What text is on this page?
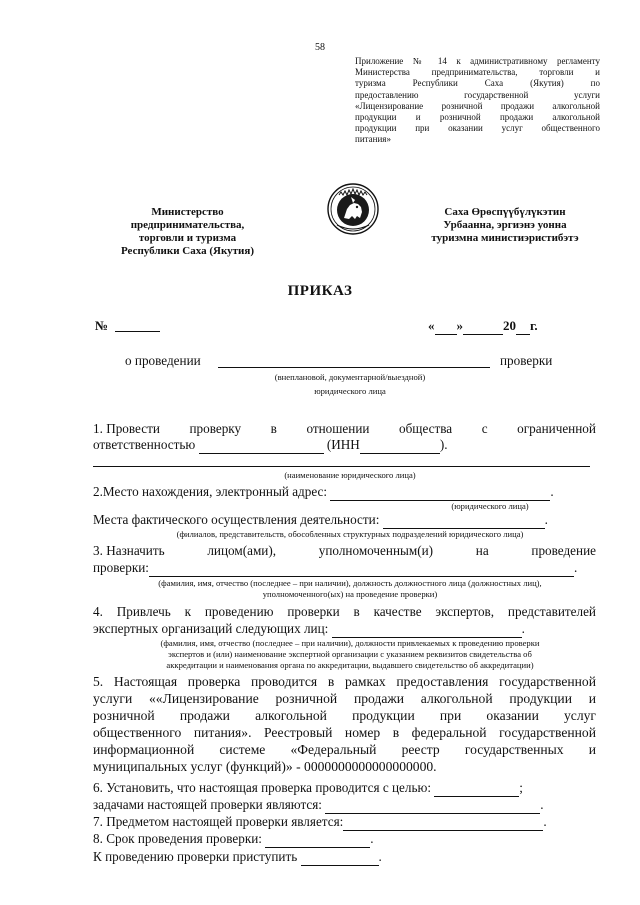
58
Приложение № 14 к административному регламенту
Министерства предпринимательства, торговли и
туризма Республики Саха (Якутия) по
предоставлению государственной услуги
«Лицензирование розничной продажи алкогольной
продукции и розничной продажи алкогольной
продукции при оказании услуг общественного
питания»
Министерство
предпринимательства,
торговли и туризма
Республики Саха (Якутия)
Саха Өрөспүүбүлүкэтин
Урбаанна, эргиэнэ уонна
туризмна министиэристибэтэ
ПРИКАЗ
№	« »	20 г.
о проведении	проверки
(внеплановой, документарной/выездной)
юридического лица
1. Провести проверку в отношении общества с ограниченной
ответственностью	(ИНН	).
(наименование юридического лица)
2.Место нахождения, электронный адрес:	.
(юридического лица)
Места фактического осуществления деятельности:	.
(филиалов, представительств, обособленных структурных подразделений юридического лица)
3. Назначить	лицом(ами),	уполномоченным(и)	на	проведение
проверки:	.
(фамилия, имя, отчество (последнее – при наличии), должность должностного лица (должностных лиц),
уполномоченного(ых) на проведение проверки)
4. Привлечь к проведению проверки в качестве экспертов, представителей
экспертных организаций следующих лиц:	.
(фамилия, имя, отчество (последнее – при наличии), должности привлекаемых к проведению проверки
экспертов и (или) наименование экспертной организации с указанием реквизитов свидетельства об
аккредитации и наименования органа по аккредитации, выдавшего свидетельство об аккредитации)
5. Настоящая проверка проводится в рамках предоставления государственной
услуги ««Лицензирование розничной продажи алкогольной продукции и
розничной продажи алкогольной продукции при оказании услуг
общественного питания». Реестровый номер в федеральной государственной
информационной системе «Федеральный реестр государственных и
муниципальных услуг (функций)» - 0000000000000000000.
6. Установить, что настоящая проверка проводится с целью:	;
задачами настоящей проверки являются:	.
7. Предметом настоящей проверки является:	.
8. Срок проведения проверки:	.
К проведению проверки приступить	.
